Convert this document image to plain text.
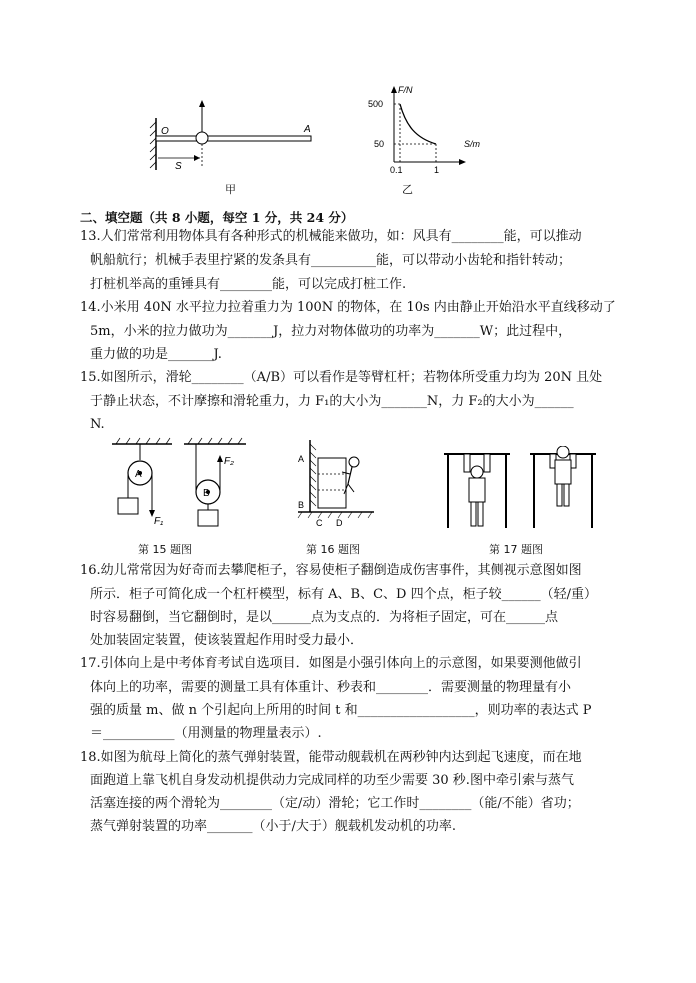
O	A
S
F/N
S/m
500
50
0.1	1
甲	乙
二、填空题（共 8 小题，每空 1 分，共 24 分）
13.人们常常利用物体具有各种形式的机械能来做功，如：风具有________能，可以推动
帆船航行；机械手表里拧紧的发条具有__________能，可以带动小齿轮和指针转动；
打桩机举高的重锤具有________能，可以完成打桩工作.
14.小米用 40N 水平拉力拉着重力为 100N 的物体，在 10s 内由静止开始沿水平直线移动了
5m，小米的拉力做功为_______J，拉力对物体做功的功率为_______W；此过程中，
重力做的功是_______J.
15.如图所示，滑轮________（A/B）可以看作是等臂杠杆；若物体所受重力均为 20N 且处
于静止状态，不计摩擦和滑轮重力，力 F₁的大小为_______N，力 F₂的大小为______
N.
A
B
F₁
F₂	A
B
C D
第 15 题图	第 16 题图	第 17 题图
16.幼儿常常因为好奇而去攀爬柜子，容易使柜子翻倒造成伤害事件，其侧视示意图如图
所示．柜子可简化成一个杠杆模型，标有 A、B、C、D 四个点，柜子较______（轻/重）
时容易翻倒，当它翻倒时，是以______点为支点的．为将柜子固定，可在______点
处加装固定装置，使该装置起作用时受力最小．
17.引体向上是中考体育考试自选项目．如图是小强引体向上的示意图，如果要测他做引
体向上的功率，需要的测量工具有体重计、秒表和________．需要测量的物理量有小
强的质量 m、做 n 个引起向上所用的时间 t 和__________________，则功率的表达式 P
＝___________（用测量的物理量表示）.
18.如图为航母上简化的蒸气弹射装置，能带动舰载机在两秒钟内达到起飞速度，而在地
面跑道上靠飞机自身发动机提供动力完成同样的功至少需要 30 秒.图中牵引索与蒸气
活塞连接的两个滑轮为________（定/动）滑轮；它工作时________（能/不能）省功；
蒸气弹射装置的功率_______（小于/大于）舰载机发动机的功率.
